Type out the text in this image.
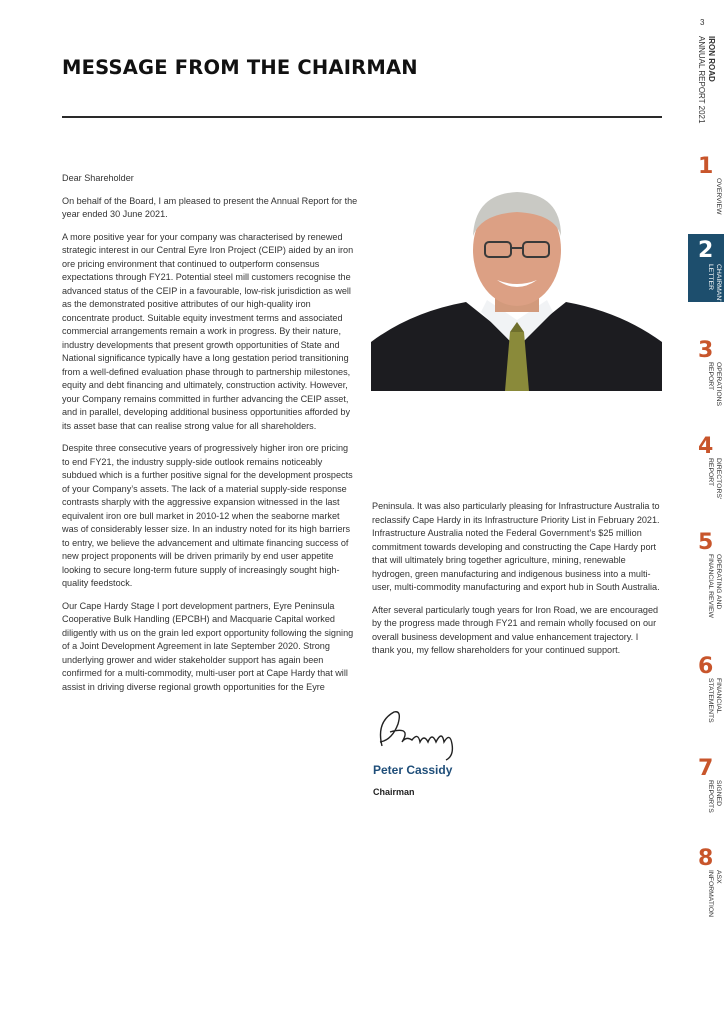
3
IRON ROAD
ANNUAL REPORT 2021
MESSAGE FROM THE CHAIRMAN

Dear Shareholder

On behalf of the Board, I am pleased to present the Annual Report for the year ended 30 June 2021.

A more positive year for your company was characterised by renewed strategic interest in our Central Eyre Iron Project (CEIP) aided by an iron ore pricing environment that continued to outperform consensus expectations through FY21. Potential steel mill customers recognise the advanced status of the CEIP in a favourable, low-risk jurisdiction as well as the demonstrated positive attributes of our high-quality iron concentrate product. Suitable equity investment terms and associated commercial arrangements remain a work in progress. By their nature, industry developments that present growth opportunities of State and National significance typically have a long gestation period transitioning from a well-defined evaluation phase through to partnership milestones, equity and debt financing and ultimately, construction activity. However, your Company remains committed in further advancing the CEIP asset, and in parallel, developing additional business opportunities afforded by its asset base that can realise strong value for all shareholders.

Despite three consecutive years of progressively higher iron ore pricing to end FY21, the industry supply-side outlook remains noticeably subdued which is a further positive signal for the development prospects of your Company’s assets. The lack of a material supply-side response contrasts sharply with the aggressive expansion witnessed in the last equivalent iron ore bull market in 2010-12 when the seaborne market was of considerably lesser size. In an industry noted for its high barriers to entry, we believe the advancement and ultimate financing success of new project proponents will be driven primarily by end user appetite looking to secure long-term future supply of increasingly sought high-quality feedstock.

Our Cape Hardy Stage I port development partners, Eyre Peninsula Cooperative Bulk Handling (EPCBH) and Macquarie Capital worked diligently with us on the grain led export opportunity following the signing of a Joint Development Agreement in late September 2020. Strong underlying grower and wider stakeholder support has again been confirmed for a multi-commodity, multi-user port at Cape Hardy that will assist in driving diverse regional growth opportunities for the Eyre

Peninsula. It was also particularly pleasing for Infrastructure Australia to reclassify Cape Hardy in its Infrastructure Priority List in February 2021. Infrastructure Australia noted the Federal Government’s $25 million commitment towards developing and constructing the Cape Hardy port that will ultimately bring together agriculture, mining, renewable hydrogen, green manufacturing and indigenous business into a multi-user, multi-commodity manufacturing and export hub in South Australia.

After several particularly tough years for Iron Road, we are encouraged by the progress made through FY21 and remain wholly focused on our overall business development and value enhancement trajectory. I thank you, my fellow shareholders for your continued support.

Peter Cassidy
Chairman
1
OVERVIEW
2
CHAIRMAN'S
LETTER
3
OPERATIONS
REPORT
4
DIRECTORS'
REPORT
5
OPERATING AND
FINANCIAL REVIEW
6
FINANCIAL
STATEMENTS
7
SIGNED
REPORTS
8
ASX
INFORMATION
